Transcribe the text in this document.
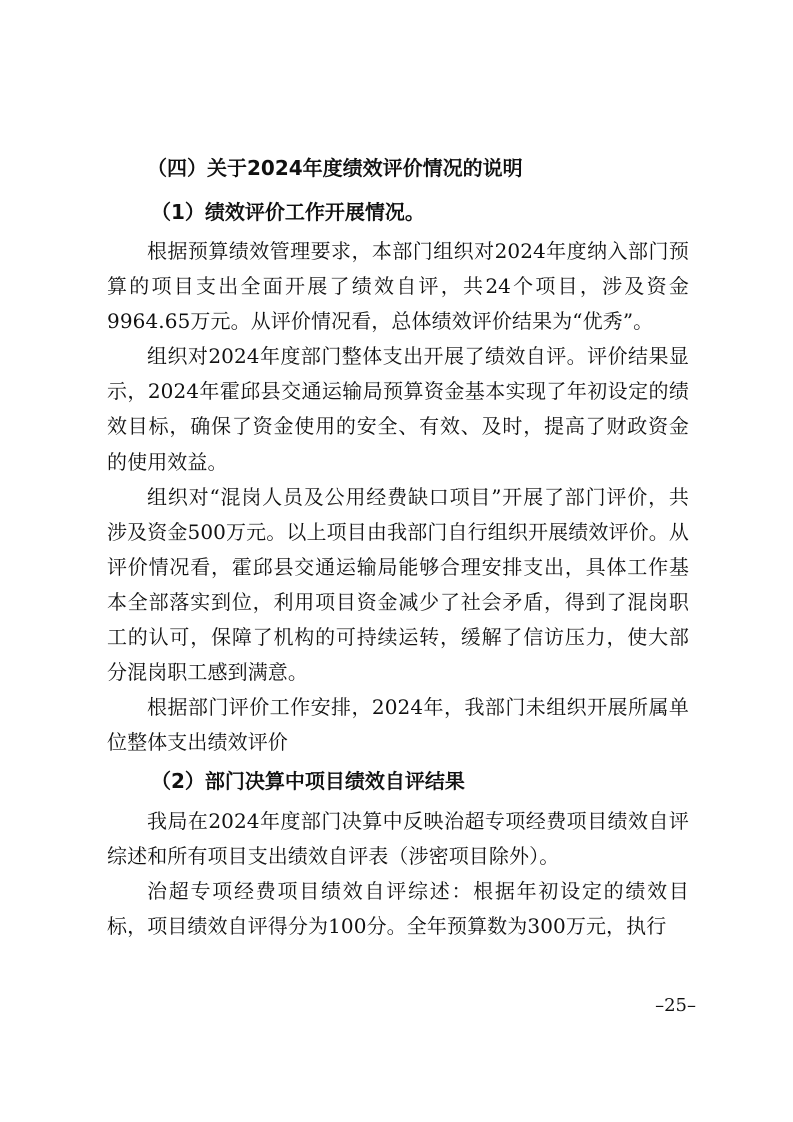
（四）关于2024年度绩效评价情况的说明

（1）绩效评价工作开展情况。

根据预算绩效管理要求，本部门组织对2024年度纳入部门预算的项目支出全面开展了绩效自评，共24个项目，涉及资金9964.65万元。从评价情况看，总体绩效评价结果为“优秀”。

组织对2024年度部门整体支出开展了绩效自评。评价结果显示，2024年霍邱县交通运输局预算资金基本实现了年初设定的绩效目标，确保了资金使用的安全、有效、及时，提高了财政资金的使用效益。

组织对“混岗人员及公用经费缺口项目”开展了部门评价，共涉及资金500万元。以上项目由我部门自行组织开展绩效评价。从评价情况看，霍邱县交通运输局能够合理安排支出，具体工作基本全部落实到位，利用项目资金减少了社会矛盾，得到了混岗职工的认可，保障了机构的可持续运转，缓解了信访压力，使大部分混岗职工感到满意。

根据部门评价工作安排，2024年，我部门未组织开展所属单位整体支出绩效评价

（2）部门决算中项目绩效自评结果

我局在2024年度部门决算中反映治超专项经费项目绩效自评综述和所有项目支出绩效自评表（涉密项目除外）。

治超专项经费项目绩效自评综述：根据年初设定的绩效目标，项目绩效自评得分为100分。全年预算数为300万元，执行

–25–
